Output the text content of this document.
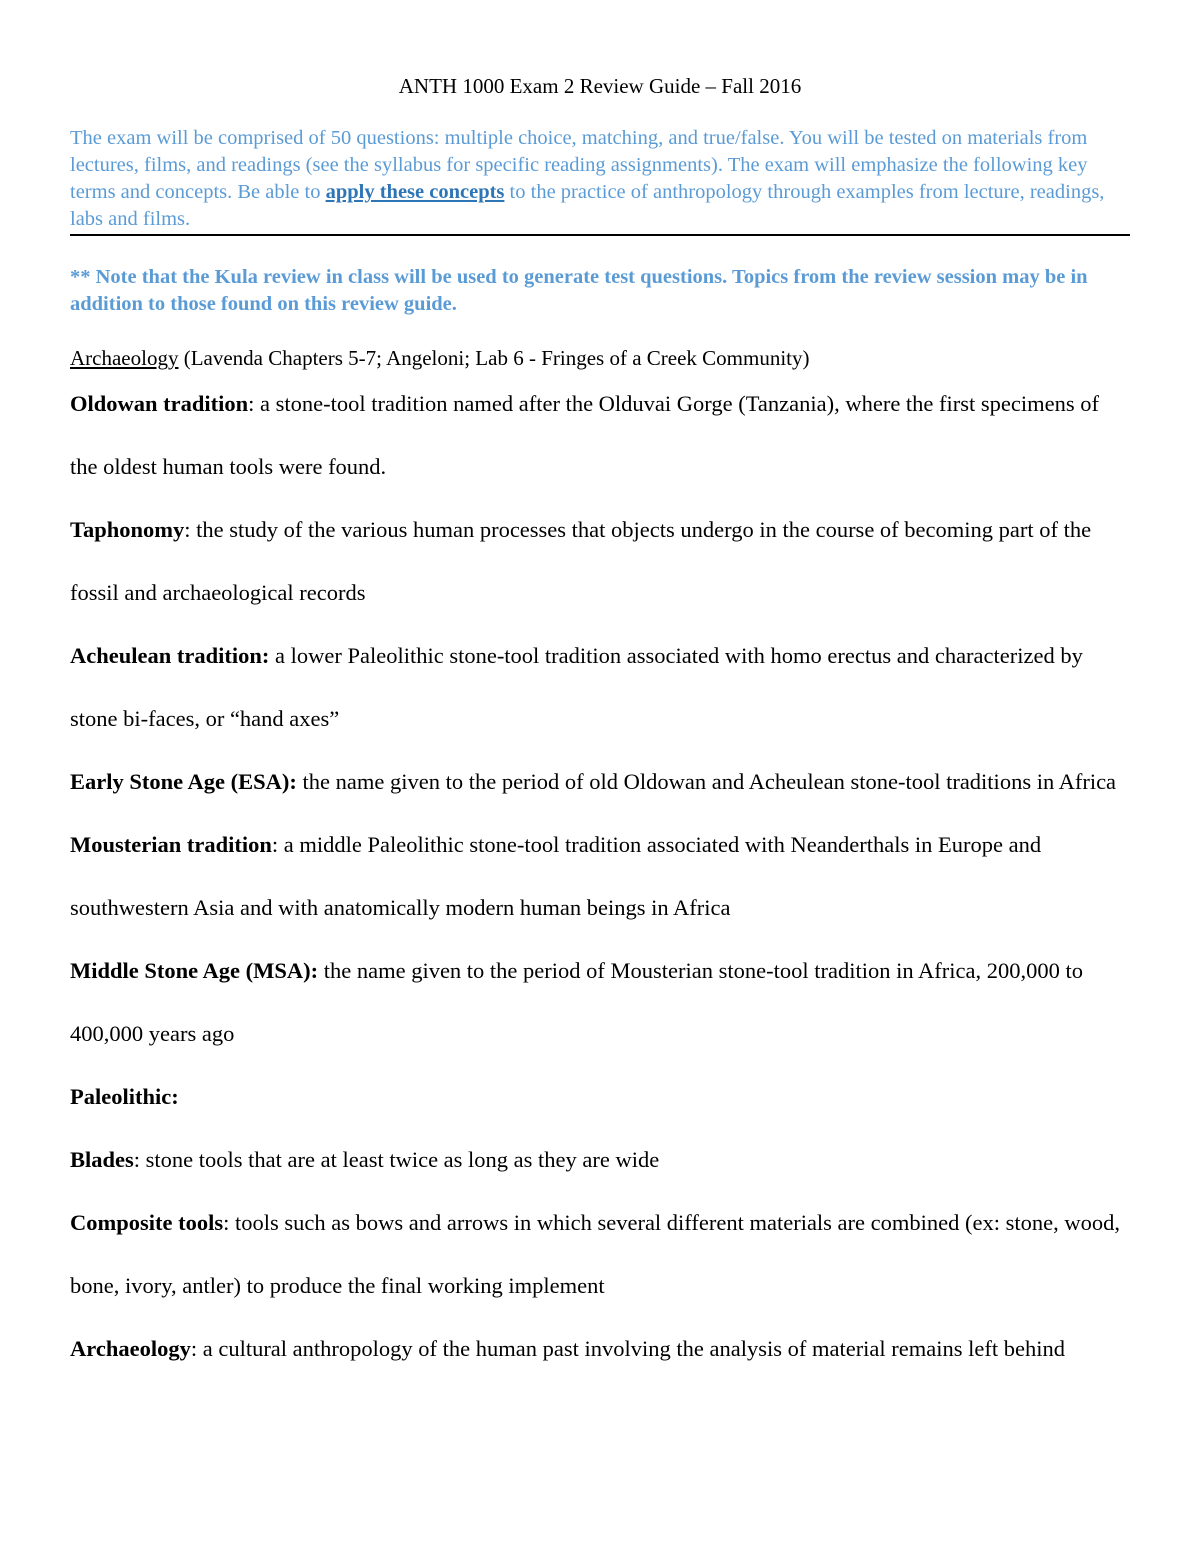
ANTH 1000 Exam 2 Review Guide – Fall 2016
The exam will be comprised of 50 questions: multiple choice, matching, and true/false. You will be tested on materials from lectures, films, and readings (see the syllabus for specific reading assignments). The exam will emphasize the following key terms and concepts. Be able to apply these concepts to the practice of anthropology through examples from lecture, readings, labs and films.
** Note that the Kula review in class will be used to generate test questions. Topics from the review session may be in addition to those found on this review guide.
Archaeology (Lavenda Chapters 5-7; Angeloni; Lab 6 - Fringes of a Creek Community)

Oldowan tradition: a stone-tool tradition named after the Olduvai Gorge (Tanzania), where the first specimens of the oldest human tools were found.

Taphonomy: the study of the various human processes that objects undergo in the course of becoming part of the fossil and archaeological records

Acheulean tradition: a lower Paleolithic stone-tool tradition associated with homo erectus and characterized by stone bi-faces, or “hand axes”

Early Stone Age (ESA): the name given to the period of old Oldowan and Acheulean stone-tool traditions in Africa

Mousterian tradition: a middle Paleolithic stone-tool tradition associated with Neanderthals in Europe and southwestern Asia and with anatomically modern human beings in Africa

Middle Stone Age (MSA): the name given to the period of Mousterian stone-tool tradition in Africa, 200,000 to 400,000 years ago

Paleolithic:

Blades: stone tools that are at least twice as long as they are wide

Composite tools: tools such as bows and arrows in which several different materials are combined (ex: stone, wood, bone, ivory, antler) to produce the final working implement

Archaeology: a cultural anthropology of the human past involving the analysis of material remains left behind
